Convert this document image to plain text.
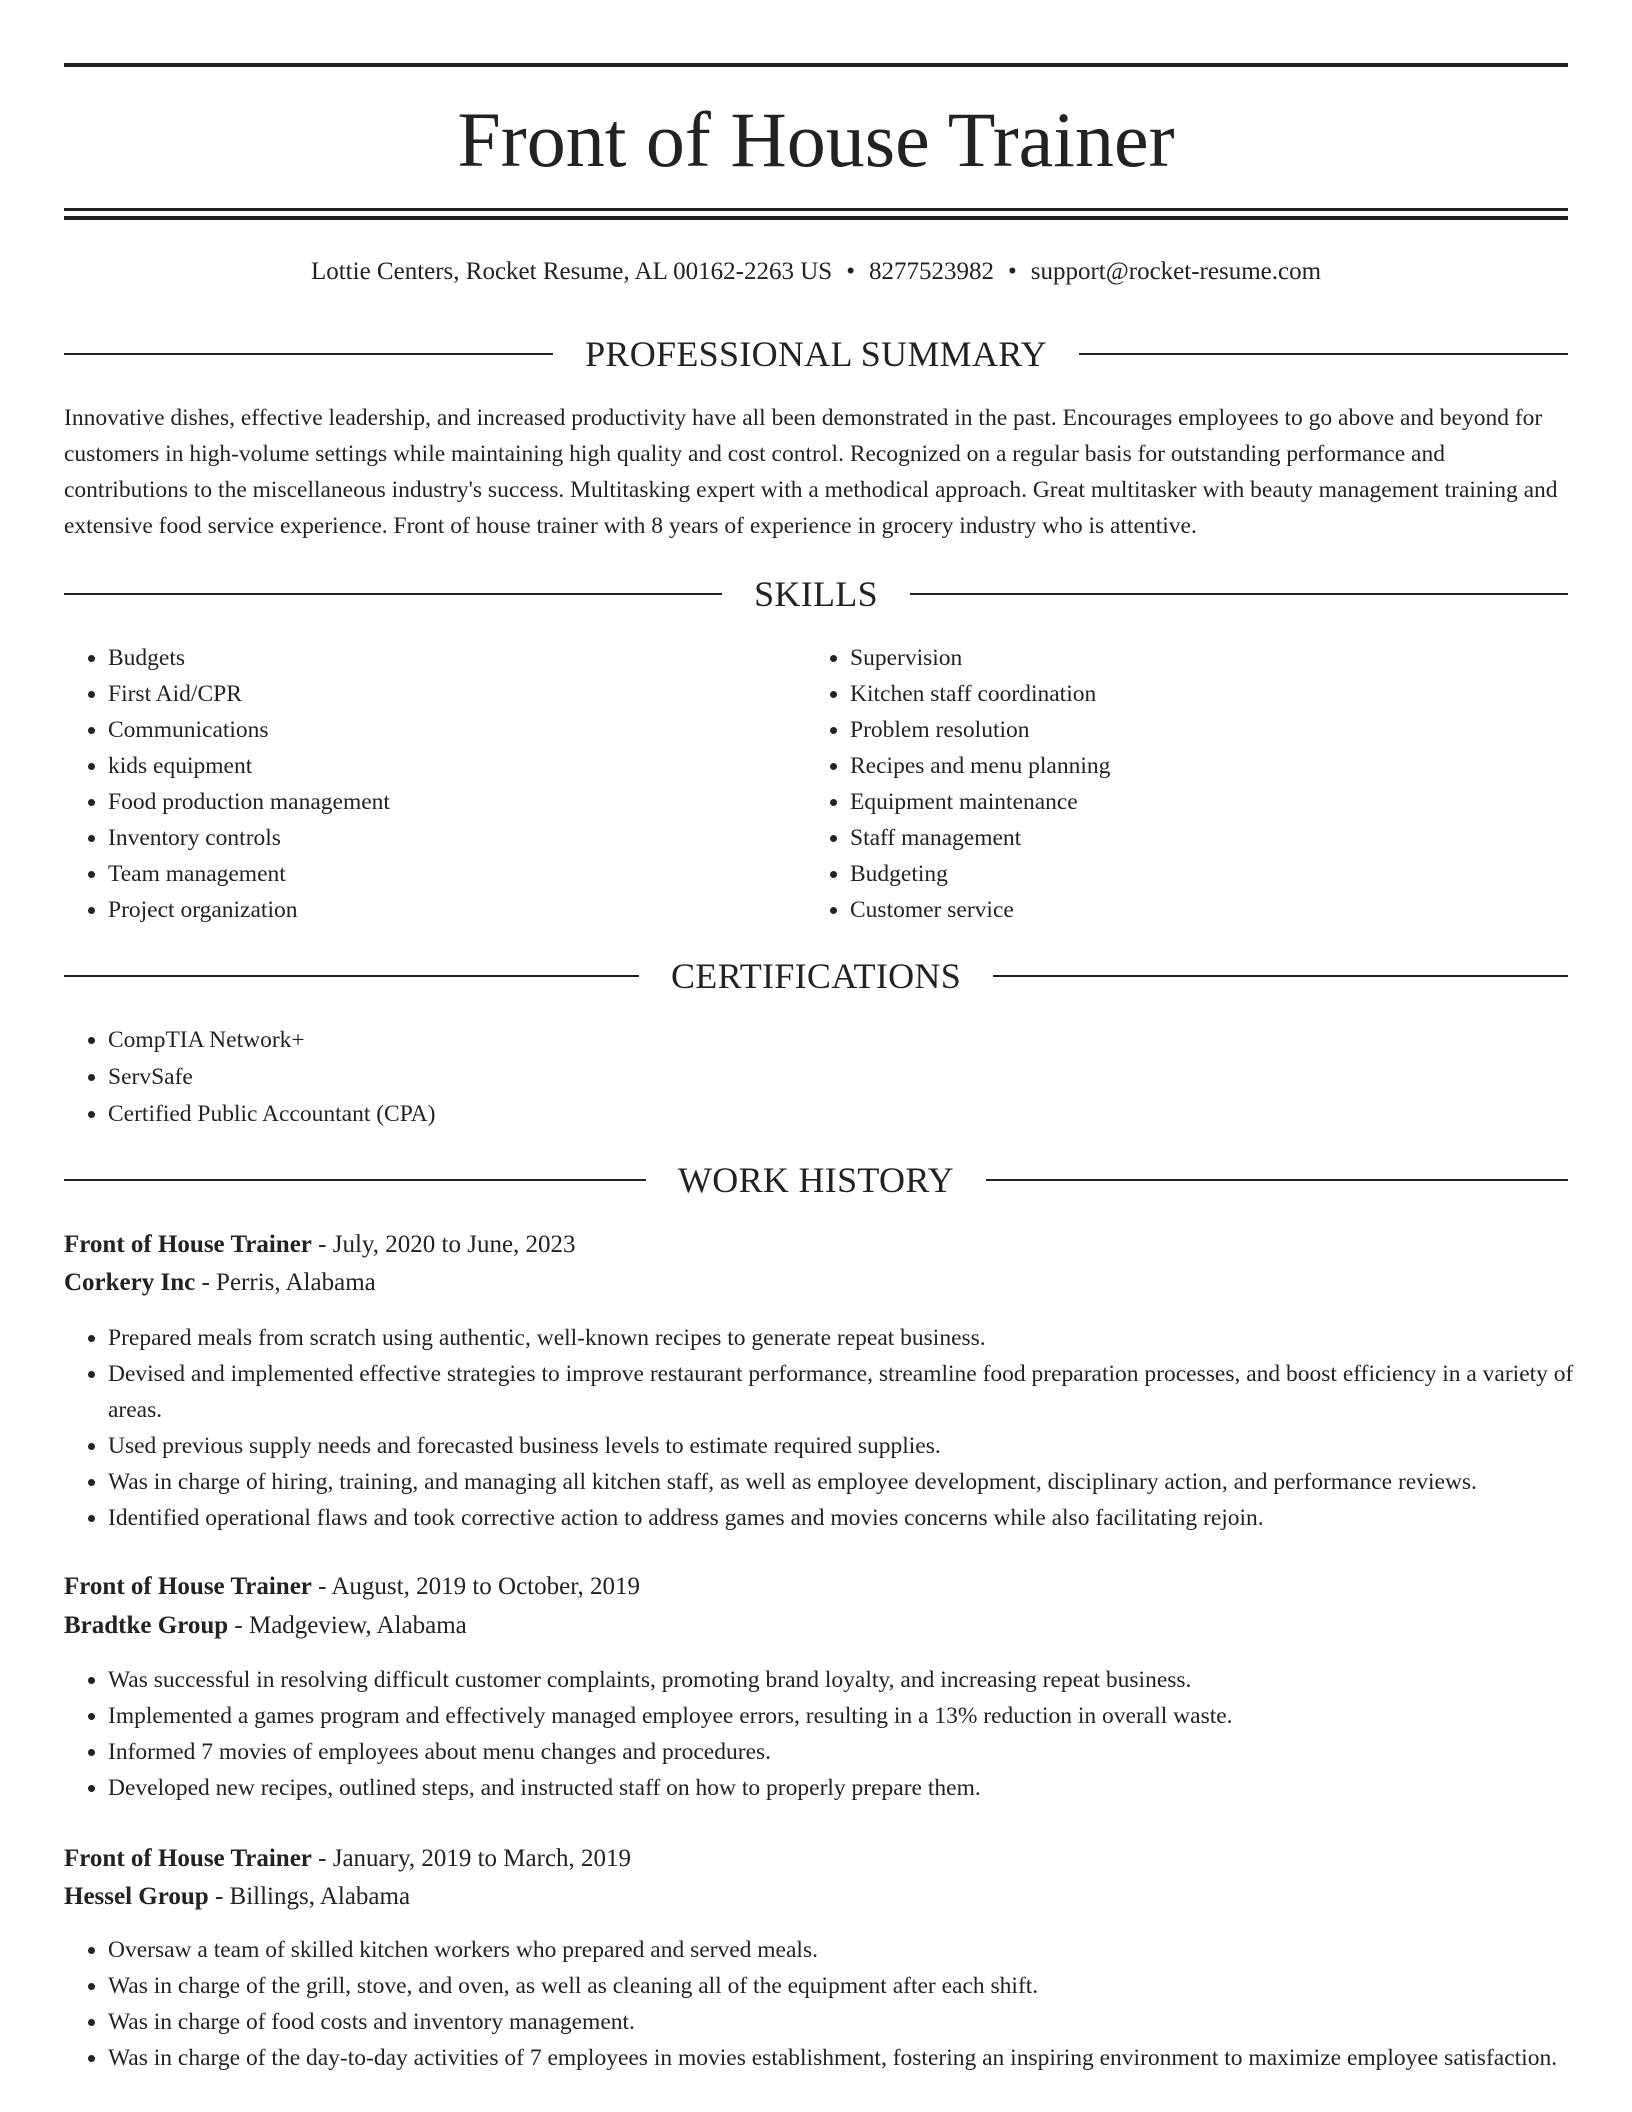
Front of House Trainer
Lottie Centers, Rocket Resume, AL 00162-2263 US • 8277523982 • support@rocket-resume.com
PROFESSIONAL SUMMARY

Innovative dishes, effective leadership, and increased productivity have all been demonstrated in the past. Encourages employees to go above and beyond for customers in high-volume settings while maintaining high quality and cost control. Recognized on a regular basis for outstanding performance and contributions to the miscellaneous industry's success. Multitasking expert with a methodical approach. Great multitasker with beauty management training and extensive food service experience. Front of house trainer with 8 years of experience in grocery industry who is attentive.

SKILLS
• Budgets
• First Aid/CPR
• Communications
• kids equipment
• Food production management
• Inventory controls
• Team management
• Project organization
• Supervision
• Kitchen staff coordination
• Problem resolution
• Recipes and menu planning
• Equipment maintenance
• Staff management
• Budgeting
• Customer service
CERTIFICATIONS
• CompTIA Network+
• ServSafe
• Certified Public Accountant (CPA)
WORK HISTORY
Front of House Trainer - July, 2020 to June, 2023
Corkery Inc - Perris, Alabama
• Prepared meals from scratch using authentic, well-known recipes to generate repeat business.
• Devised and implemented effective strategies to improve restaurant performance, streamline food preparation processes, and boost efficiency in a variety of areas.
• Used previous supply needs and forecasted business levels to estimate required supplies.
• Was in charge of hiring, training, and managing all kitchen staff, as well as employee development, disciplinary action, and performance reviews.
• Identified operational flaws and took corrective action to address games and movies concerns while also facilitating rejoin.
Front of House Trainer - August, 2019 to October, 2019
Bradtke Group - Madgeview, Alabama
• Was successful in resolving difficult customer complaints, promoting brand loyalty, and increasing repeat business.
• Implemented a games program and effectively managed employee errors, resulting in a 13% reduction in overall waste.
• Informed 7 movies of employees about menu changes and procedures.
• Developed new recipes, outlined steps, and instructed staff on how to properly prepare them.
Front of House Trainer - January, 2019 to March, 2019
Hessel Group - Billings, Alabama
• Oversaw a team of skilled kitchen workers who prepared and served meals.
• Was in charge of the grill, stove, and oven, as well as cleaning all of the equipment after each shift.
• Was in charge of food costs and inventory management.
• Was in charge of the day-to-day activities of 7 employees in movies establishment, fostering an inspiring environment to maximize employee satisfaction.
